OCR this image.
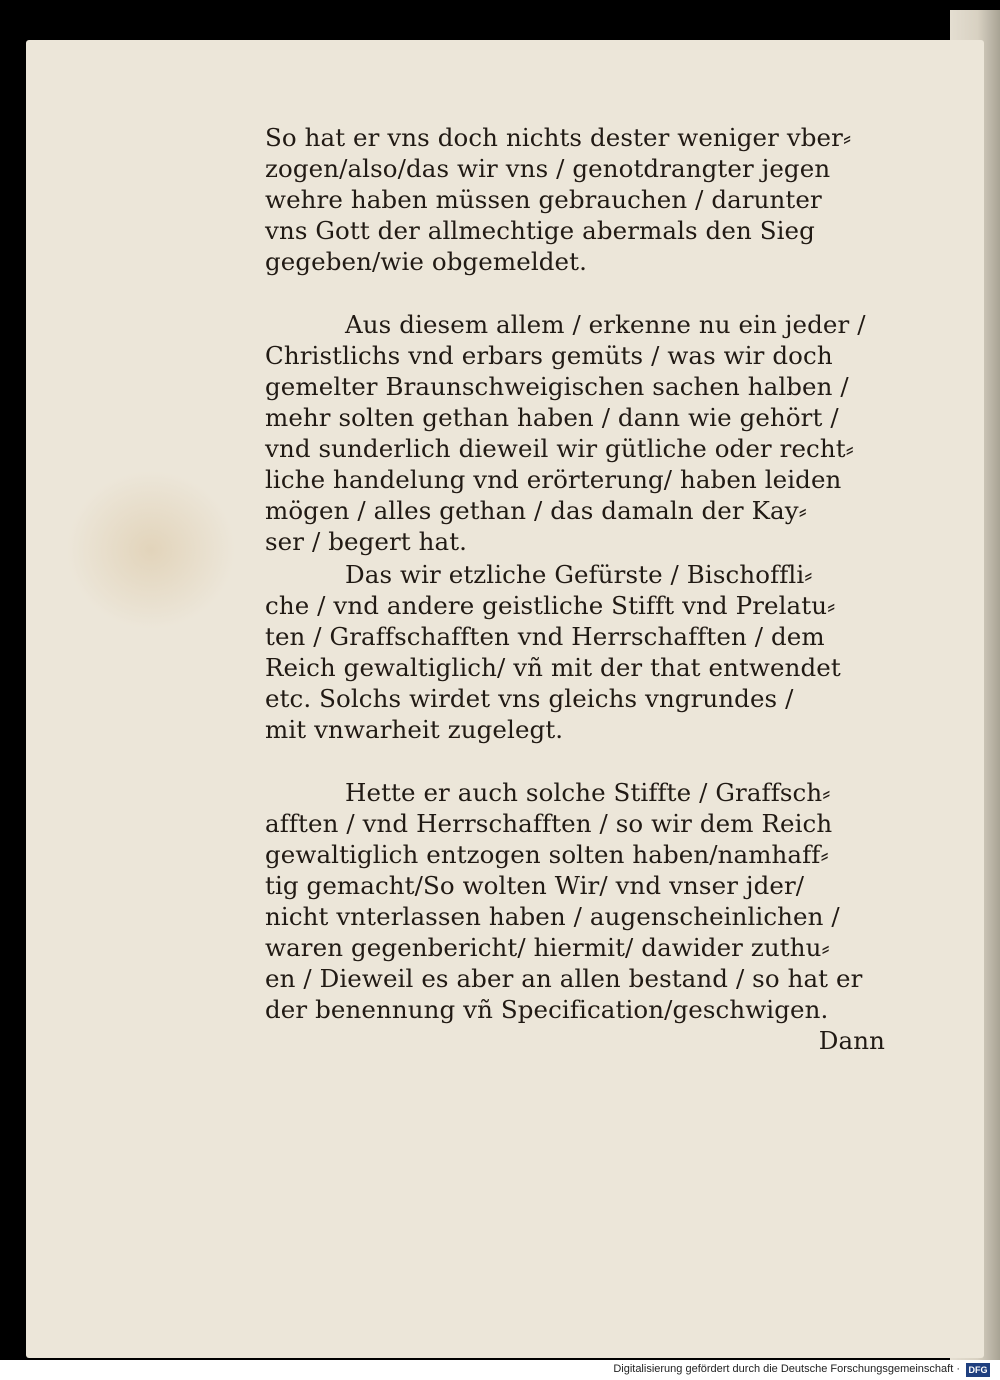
So hat er vns doch nichts dester weniger vber⸗
zogen/also/das wir vns / genotdrangter jegen
wehre haben müssen gebrauchen / darunter
vns Gott der allmechtige abermals den Sieg
gegeben/wie obgemeldet.
Aus diesem allem / erkenne nu ein jeder /
Christlichs vnd erbars gemüts / was wir doch
gemelter Braunschweigischen sachen halben /
mehr solten gethan haben / dann wie gehört /
vnd sunderlich dieweil wir gütliche oder recht⸗
liche handelung vnd erörterung/ haben leiden
mögen / alles gethan / das damaln der Kay⸗
ser / begert hat.
Das wir etzliche Gefürste / Bischoffli⸗
che / vnd andere geistliche Stifft vnd Prelatu⸗
ten / Graffschafften vnd Herrschafften / dem
Reich gewaltiglich/ vñ mit der that entwendet
etc. Solchs wirdet vns gleichs vngrundes /
mit vnwarheit zugelegt.
Hette er auch solche Stiffte / Graffsch⸗
afften / vnd Herrschafften / so wir dem Reich
gewaltiglich entzogen solten haben/namhaff⸗
tig gemacht/So wolten Wir/ vnd vnser jder/
nicht vnterlassen haben / augenscheinlichen /
waren gegenbericht/ hiermit/ dawider zuthu⸗
en / Dieweil es aber an allen bestand / so hat er
der benennung vñ Specification/geschwigen.
Dann
Digitalisierung gefördert durch die Deutsche Forschungsgemeinschaft · DFG
